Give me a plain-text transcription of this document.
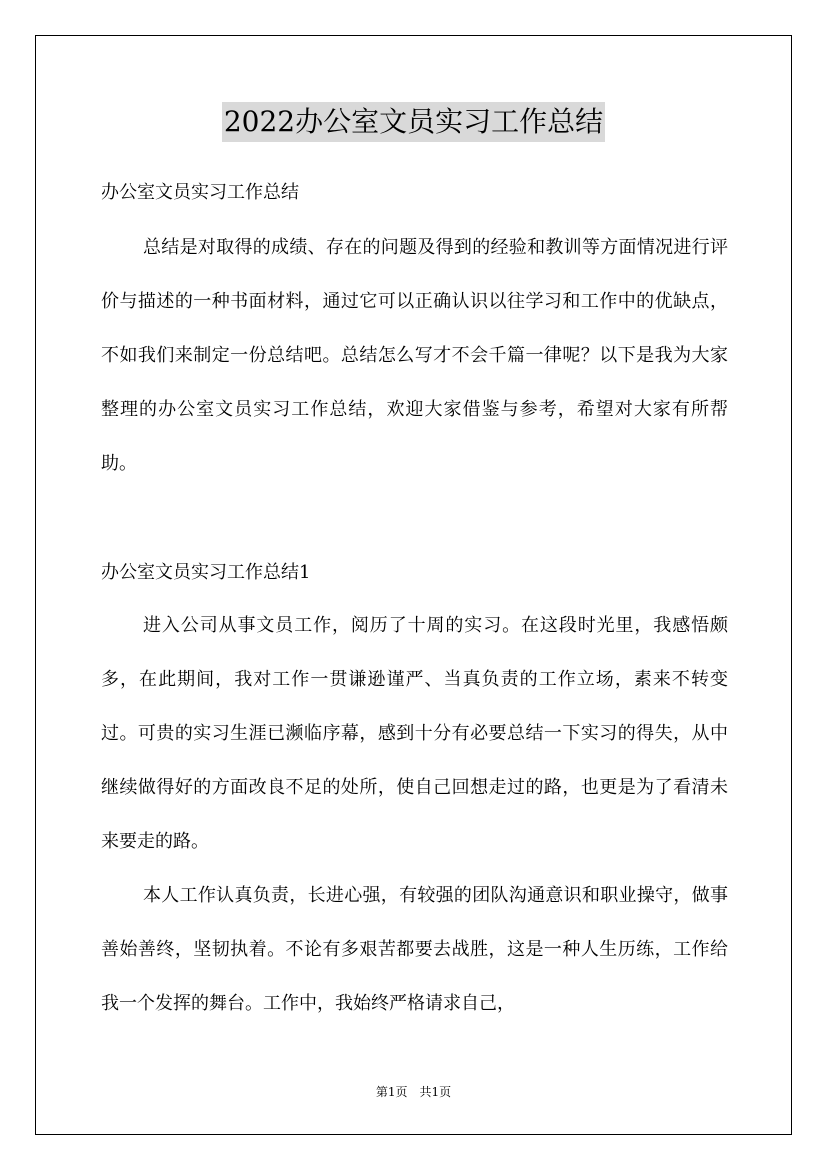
2022办公室文员实习工作总结
办公室文员实习工作总结

总结是对取得的成绩、存在的问题及得到的经验和教训等方面情况进行评价与描述的一种书面材料，通过它可以正确认识以往学习和工作中的优缺点，不如我们来制定一份总结吧。总结怎么写才不会千篇一律呢？以下是我为大家整理的办公室文员实习工作总结，欢迎大家借鉴与参考，希望对大家有所帮助。

办公室文员实习工作总结1

进入公司从事文员工作，阅历了十周的实习。在这段时光里，我感悟颇多，在此期间，我对工作一贯谦逊谨严、当真负责的工作立场，素来不转变过。可贵的实习生涯已濒临序幕，感到十分有必要总结一下实习的得失，从中继续做得好的方面改良不足的处所，使自己回想走过的路，也更是为了看清未来要走的路。

本人工作认真负责，长进心强，有较强的团队沟通意识和职业操守，做事善始善终，坚韧执着。不论有多艰苦都要去战胜，这是一种人生历练，工作给我一个发挥的舞台。工作中，我始终严格请求自己，

第1页　共1页
